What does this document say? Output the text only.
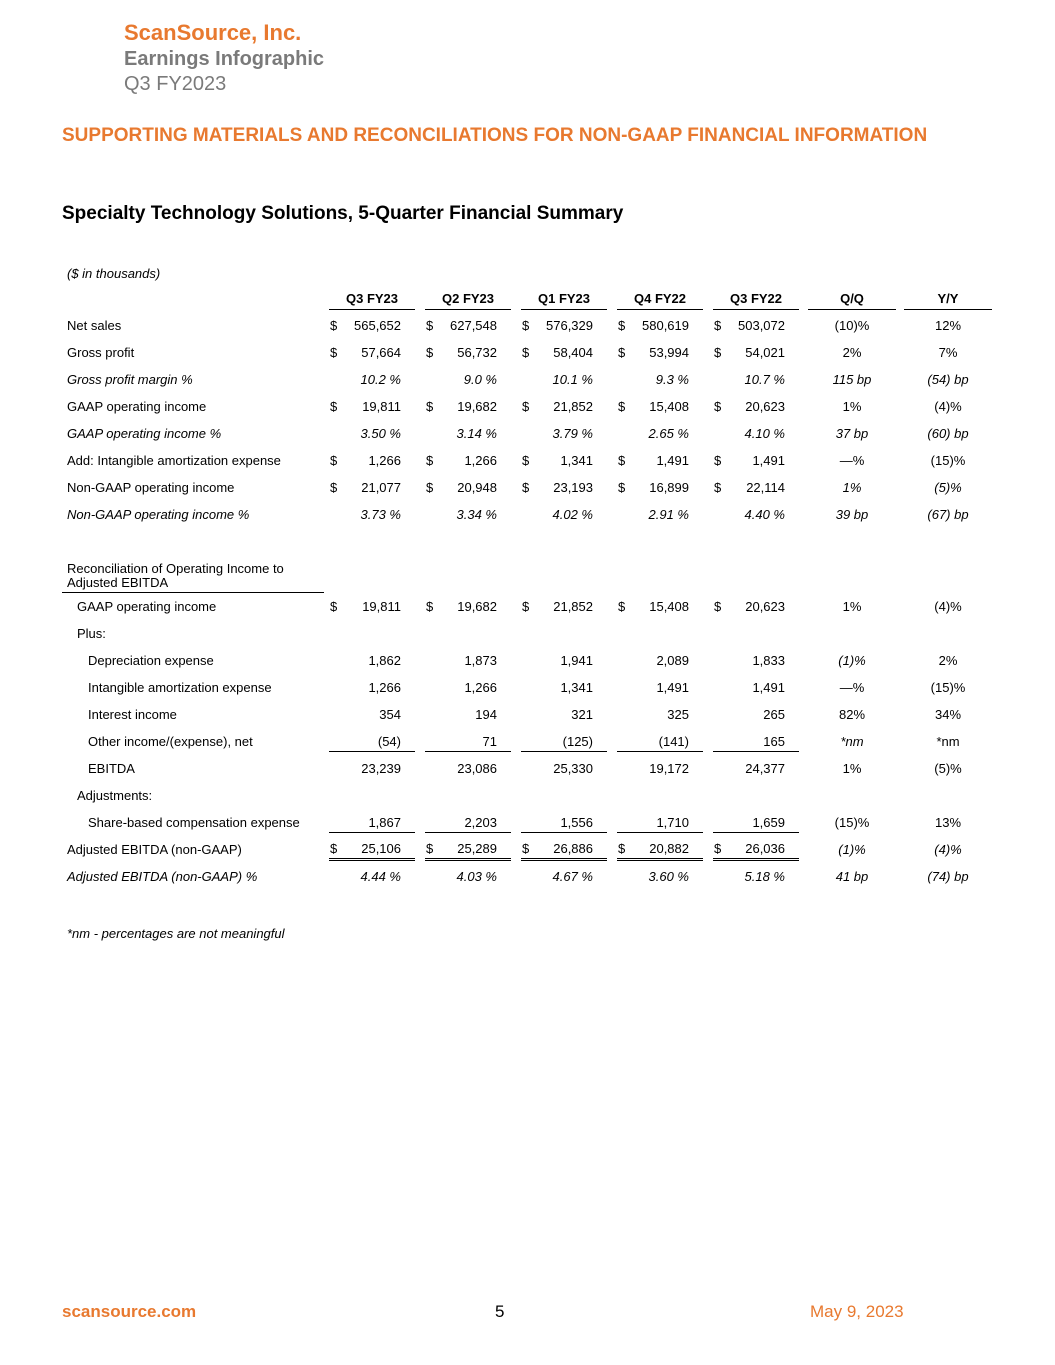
ScanSource, Inc.
Earnings Infographic
Q3 FY2023
SUPPORTING MATERIALS AND RECONCILIATIONS FOR NON-GAAP FINANCIAL INFORMATION
Specialty Technology Solutions, 5-Quarter Financial Summary
($ in thousands)

	Q3 FY23	Q2 FY23	Q1 FY23	Q4 FY22	Q3 FY22	Q/Q	Y/Y

Net sales	$ 565,652	$ 627,548	$ 576,329	$ 580,619	$ 503,072	(10)%	12%
Gross profit	$ 57,664	$ 56,732	$ 58,404	$ 53,994	$ 54,021	2%	7%
Gross profit margin %	10.2 %	9.0 %	10.1 %	9.3 %	10.7 %	115 bp	(54) bp
GAAP operating income	$ 19,811	$ 19,682	$ 21,852	$ 15,408	$ 20,623	1%	(4)%
GAAP operating income %	3.50 %	3.14 %	3.79 %	2.65 %	4.10 %	37 bp	(60) bp
Add: Intangible amortization expense	$ 1,266	$ 1,266	$ 1,341	$ 1,491	$ 1,491	—%	(15)%
Non-GAAP operating income	$ 21,077	$ 20,948	$ 23,193	$ 16,899	$ 22,114	1%	(5)%
Non-GAAP operating income %	3.73 %	3.34 %	4.02 %	2.91 %	4.40 %	39 bp	(67) bp

Reconciliation of Operating Income to Adjusted EBITDA							

GAAP operating income	$ 19,811	$ 19,682	$ 21,852	$ 15,408	$ 20,623	1%	(4)%
Plus:							
Depreciation expense	1,862	1,873	1,941	2,089	1,833	(1)%	2%
Intangible amortization expense	1,266	1,266	1,341	1,491	1,491	—%	(15)%
Interest income	354	194	321	325	265	82%	34%
Other income/(expense), net	(54)	71	(125)	(141)	165	*nm	*nm
EBITDA	23,239	23,086	25,330	19,172	24,377	1%	(5)%
Adjustments:							
Share-based compensation expense	1,867	2,203	1,556	1,710	1,659	(15)%	13%
Adjusted EBITDA (non-GAAP)	$ 25,106	$ 25,289	$ 26,886	$ 20,882	$ 26,036	(1)%	(4)%
Adjusted EBITDA (non-GAAP) %	4.44 %	4.03 %	4.67 %	3.60 %	5.18 %	41 bp	(74) bp
*nm - percentages are not meaningful
scansource.com	5	May 9, 2023
